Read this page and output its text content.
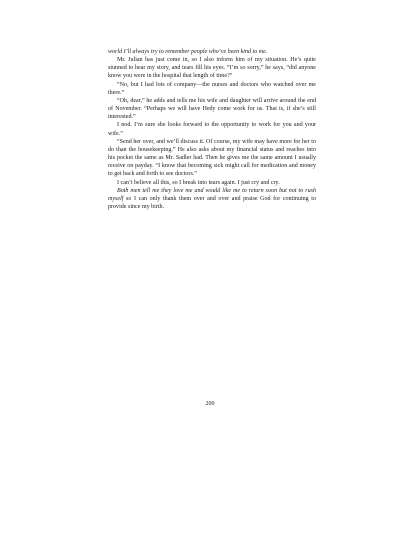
world I’ll always try to remember people who’ve been kind to me.

Mr. Julian has just come in, so I also inform him of my situation. He’s quite stunned to hear my story, and tears fill his eyes. “I’m so sorry,” he says, “did anyone know you were in the hospital that length of time?”

“No, but I had lots of company—the nurses and doctors who watched over me there.”

“Oh, dear,” he adds and tells me his wife and daughter will arrive around the end of November. “Perhaps we will have Hedy come work for us. That is, if she’s still interested.”

I nod. I’m sure she looks forward to the opportunity to work for you and your wife.”

“Send her over, and we’ll discuss it. Of course, my wife may have more for her to do than the housekeeping.” He also asks about my financial status and reaches into his pocket the same as Mr. Sadler had. Then he gives me the same amount I usually receive on payday. “I know that becoming sick might call for medication and money to get back and forth to see doctors.”

I can’t believe all this, so I break into tears again. I just cry and cry.

Both men tell me they love me and would like me to return soon but not to rush myself so I can only thank them over and over and praise God for continuing to provide since my birth.

200
